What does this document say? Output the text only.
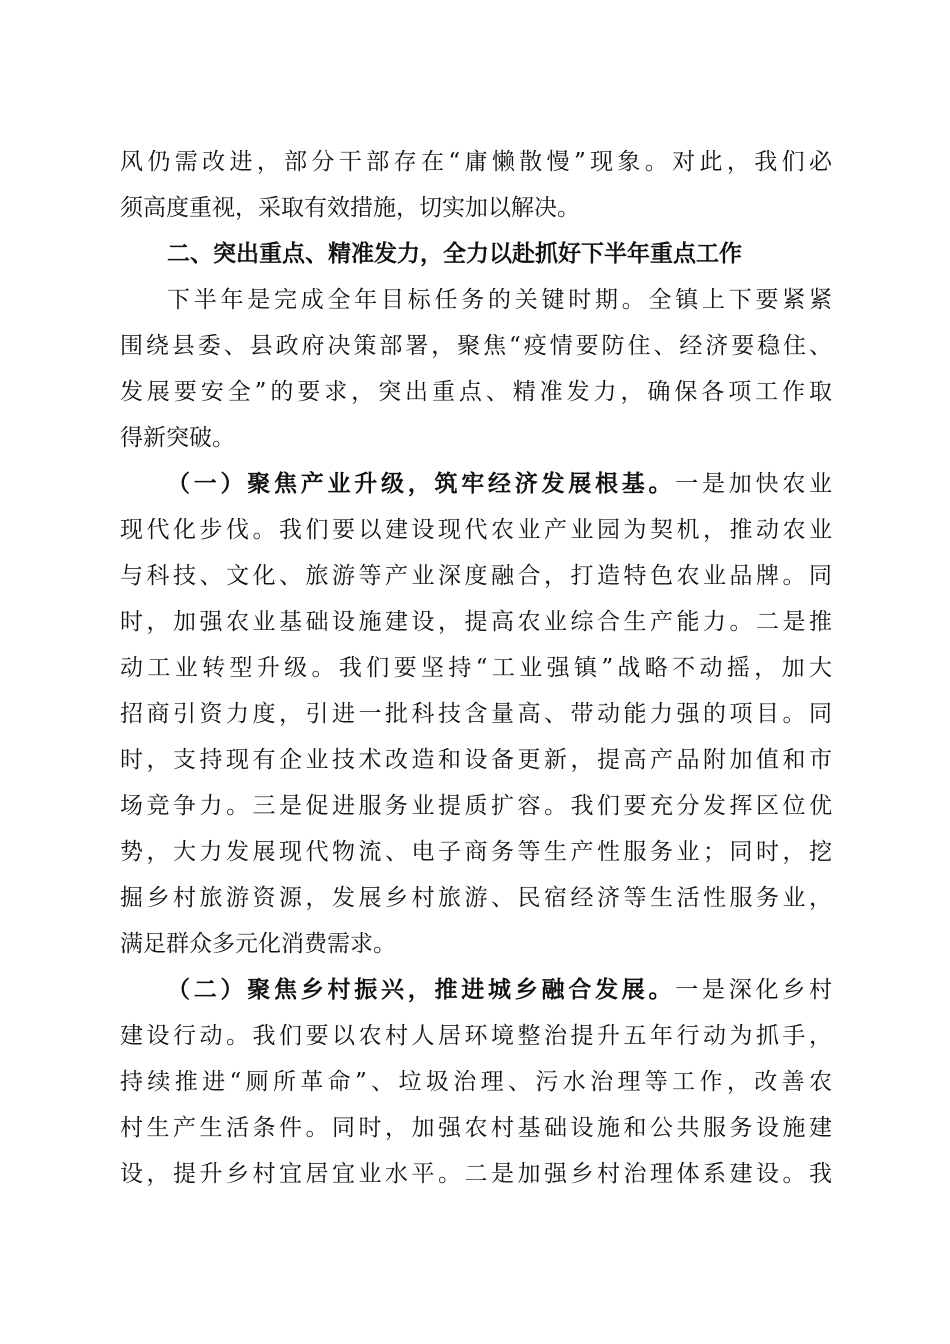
风仍需改进，部分干部存在“庸懒散慢”现象。对此，我们必
须高度重视，采取有效措施，切实加以解决。
二、突出重点、精准发力，全力以赴抓好下半年重点工作
下半年是完成全年目标任务的关键时期。全镇上下要紧紧
围绕县委、县政府决策部署，聚焦“疫情要防住、经济要稳住、
发展要安全”的要求，突出重点、精准发力，确保各项工作取
得新突破。
（一）聚焦产业升级，筑牢经济发展根基。一是加快农业
现代化步伐。我们要以建设现代农业产业园为契机，推动农业
与科技、文化、旅游等产业深度融合，打造特色农业品牌。同
时，加强农业基础设施建设，提高农业综合生产能力。二是推
动工业转型升级。我们要坚持“工业强镇”战略不动摇，加大
招商引资力度，引进一批科技含量高、带动能力强的项目。同
时，支持现有企业技术改造和设备更新，提高产品附加值和市
场竞争力。三是促进服务业提质扩容。我们要充分发挥区位优
势，大力发展现代物流、电子商务等生产性服务业；同时，挖
掘乡村旅游资源，发展乡村旅游、民宿经济等生活性服务业，
满足群众多元化消费需求。
（二）聚焦乡村振兴，推进城乡融合发展。一是深化乡村
建设行动。我们要以农村人居环境整治提升五年行动为抓手，
持续推进“厕所革命”、垃圾治理、污水治理等工作，改善农
村生产生活条件。同时，加强农村基础设施和公共服务设施建
设，提升乡村宜居宜业水平。二是加强乡村治理体系建设。我
